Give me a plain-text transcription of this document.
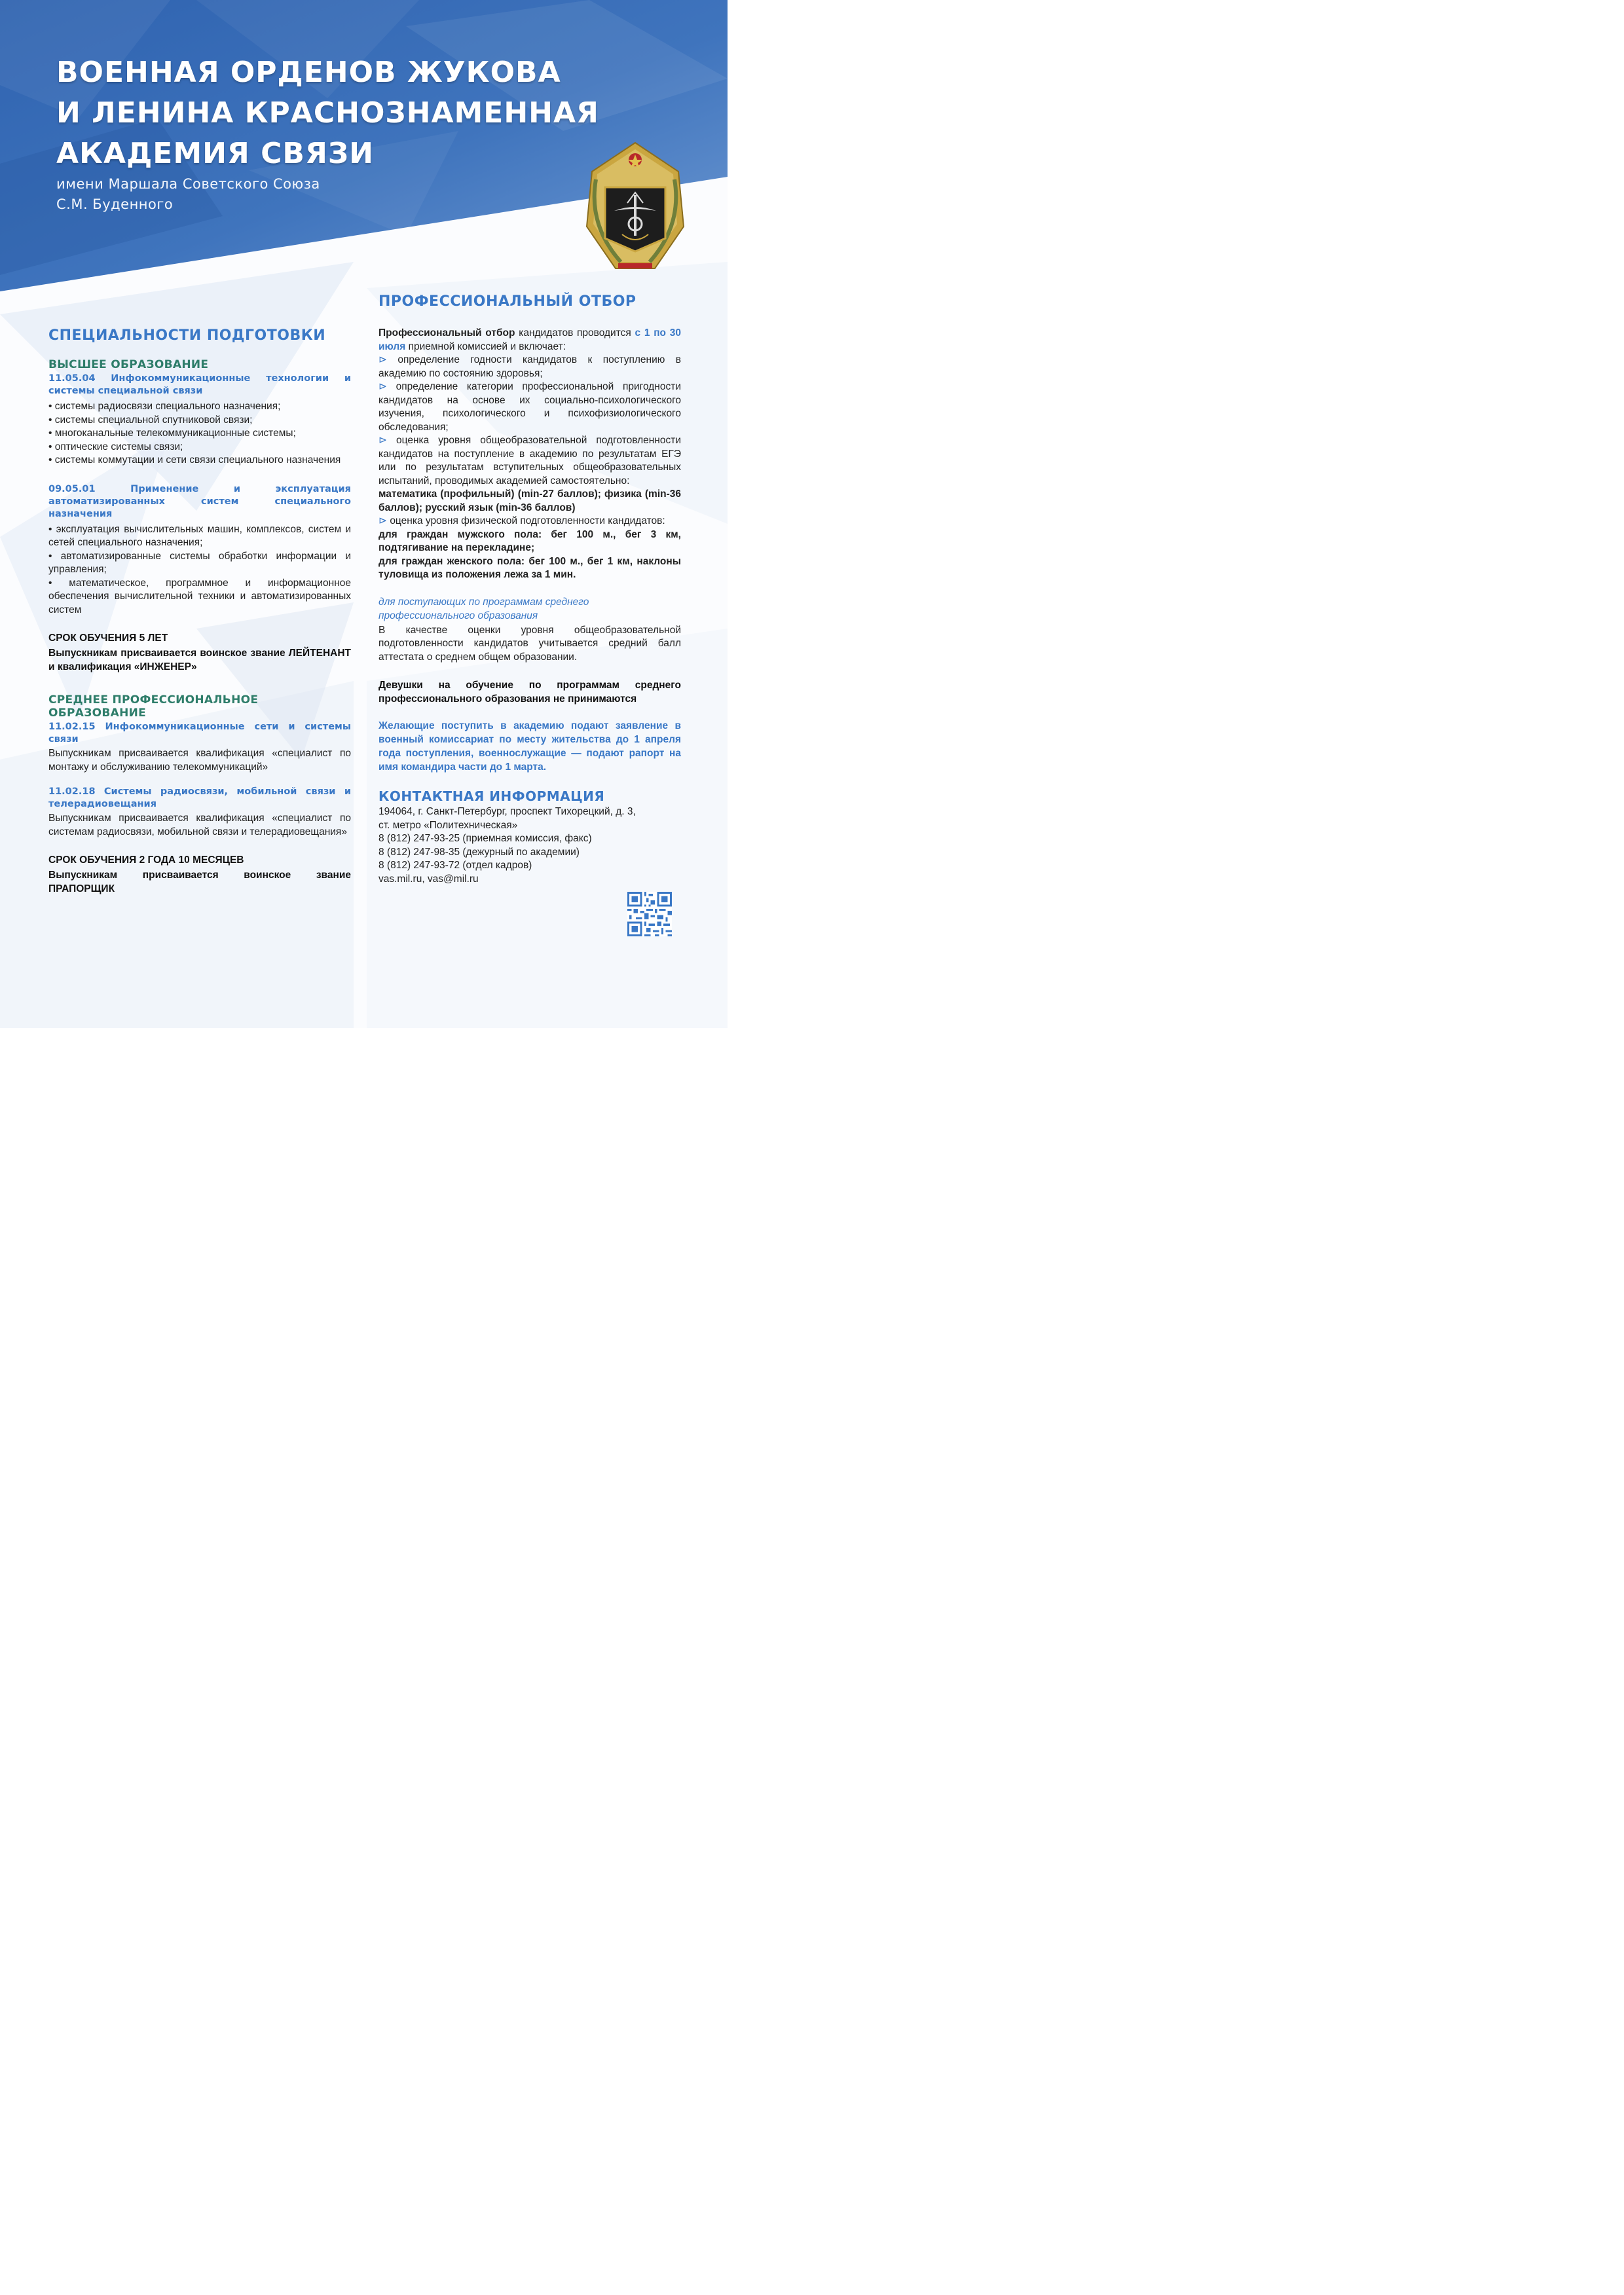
ВОЕННАЯ ОРДЕНОВ ЖУКОВА
И ЛЕНИНА КРАСНОЗНАМЕННАЯ
АКАДЕМИЯ СВЯЗИ
имени Маршала Советского Союза
С.М. Буденного
СПЕЦИАЛЬНОСТИ ПОДГОТОВКИ
ВЫСШЕЕ ОБРАЗОВАНИЕ
11.05.04 Инфокоммуникационные технологии и системы специальной связи
• системы радиосвязи специального назначения;
• системы специальной спутниковой связи;
• многоканальные телекоммуникационные системы;
• оптические системы связи;
• системы коммутации и сети связи специального назначения
09.05.01 Применение и эксплуатация автоматизированных систем специального назначения
• эксплуатация вычислительных машин, комплексов, систем и сетей специального назначения;
• автоматизированные системы обработки информации и управления;
• математическое, программное и информационное обеспечения вычислительной техники и автоматизированных систем
СРОК ОБУЧЕНИЯ 5 ЛЕТ
Выпускникам присваивается воинское звание ЛЕЙТЕНАНТ и квалификация «ИНЖЕНЕР»
СРЕДНЕЕ ПРОФЕССИОНАЛЬНОЕ
ОБРАЗОВАНИЕ
11.02.15 Инфокоммуникационные сети и системы связи
Выпускникам присваивается квалификация «специалист по монтажу и обслуживанию телекоммуникаций»
11.02.18 Системы радиосвязи, мобильной связи и телерадиовещания
Выпускникам присваивается квалификация «специалист по системам радиосвязи, мобильной связи и телерадиовещания»
СРОК ОБУЧЕНИЯ 2 ГОДА 10 МЕСЯЦЕВ
Выпускникам присваивается воинское звание ПРАПОРЩИК
ПРОФЕССИОНАЛЬНЫЙ ОТБОР
Профессиональный отбор кандидатов проводится с 1 по 30 июля приемной комиссией и включает:
⊳ определение годности кандидатов к поступлению в академию по состоянию здоровья;
⊳ определение категории профессиональной пригодности кандидатов на основе их социально-психологического изучения, психологического и психофизиологического обследования;
⊳ оценка уровня общеобразовательной подготовленности кандидатов на поступление в академию по результатам ЕГЭ или по результатам вступительных общеобразовательных испытаний, проводимых академией самостоятельно:
математика (профильный) (min-27 баллов); физика (min-36 баллов); русский язык (min-36 баллов)
⊳ оценка уровня физической подготовленности кандидатов:
для граждан мужского пола: бег 100 м., бег 3 км, подтягивание на перекладине;
для граждан женского пола: бег 100 м., бег 1 км, наклоны туловища из положения лежа за 1 мин.
для поступающих по программам среднего профессионального образования
В качестве оценки уровня общеобразовательной подготовленности кандидатов учитывается средний балл аттестата о среднем общем образовании.
Девушки на обучение по программам среднего профессионального образования не принимаются
Желающие поступить в академию подают заявление в военный комиссариат по месту жительства до 1 апреля года поступления, военнослужащие — подают рапорт на имя командира части до 1 марта.
КОНТАКТНАЯ ИНФОРМАЦИЯ
194064, г. Санкт-Петербург, проспект Тихорецкий, д. 3,
ст. метро «Политехническая»
8 (812) 247-93-25 (приемная комиссия, факс)
8 (812) 247-98-35 (дежурный по академии)
8 (812) 247-93-72 (отдел кадров)
vas.mil.ru, vas@mil.ru
